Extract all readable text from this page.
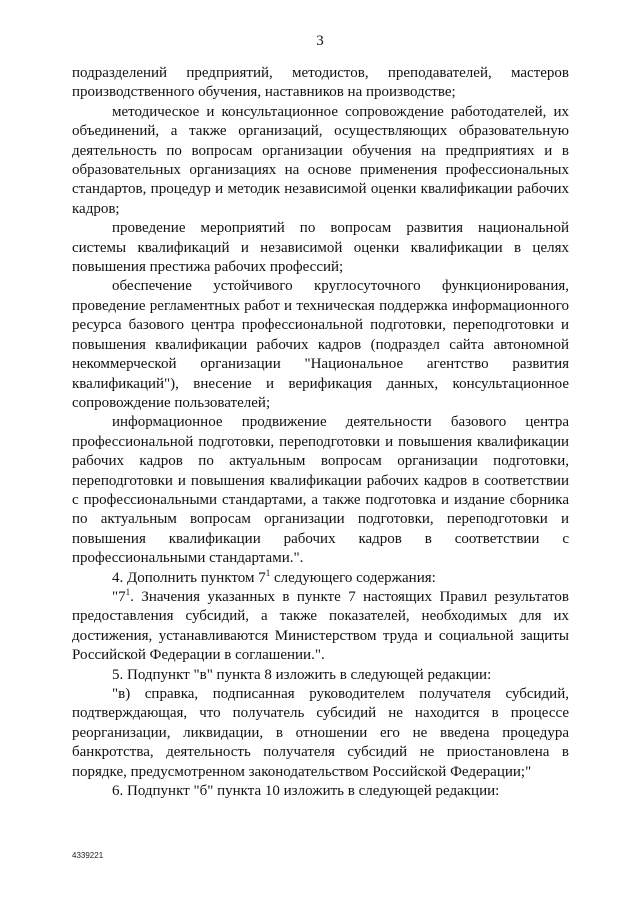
3

подразделений предприятий, методистов, преподавателей, мастеров производственного обучения, наставников на производстве;

методическое и консультационное сопровождение работодателей, их объединений, а также организаций, осуществляющих образовательную деятельность по вопросам организации обучения на предприятиях и в образовательных организациях на основе применения профессиональных стандартов, процедур и методик независимой оценки квалификации рабочих кадров;

проведение мероприятий по вопросам развития национальной системы квалификаций и независимой оценки квалификации в целях повышения престижа рабочих профессий;

обеспечение устойчивого круглосуточного функционирования, проведение регламентных работ и техническая поддержка информационного ресурса базового центра профессиональной подготовки, переподготовки и повышения квалификации рабочих кадров (подраздел сайта автономной некоммерческой организации "Национальное агентство развития квалификаций"), внесение и верификация данных, консультационное сопровождение пользователей;

информационное продвижение деятельности базового центра профессиональной подготовки, переподготовки и повышения квалификации рабочих кадров по актуальным вопросам организации подготовки, переподготовки и повышения квалификации рабочих кадров в соответствии с профессиональными стандартами, а также подготовка и издание сборника по актуальным вопросам организации подготовки, переподготовки и повышения квалификации рабочих кадров в соответствии с профессиональными стандартами.".

4. Дополнить пунктом $7^1$ следующего содержания:

"$7^1$. Значения указанных в пункте 7 настоящих Правил результатов предоставления субсидий, а также показателей, необходимых для их достижения, устанавливаются Министерством труда и социальной защиты Российской Федерации в соглашении.".

5. Подпункт "в" пункта 8 изложить в следующей редакции:

"в) справка, подписанная руководителем получателя субсидий, подтверждающая, что получатель субсидий не находится в процессе реорганизации, ликвидации, в отношении его не введена процедура банкротства, деятельность получателя субсидий не приостановлена в порядке, предусмотренном законодательством Российской Федерации;"

6. Подпункт "б" пункта 10 изложить в следующей редакции:

4339221
